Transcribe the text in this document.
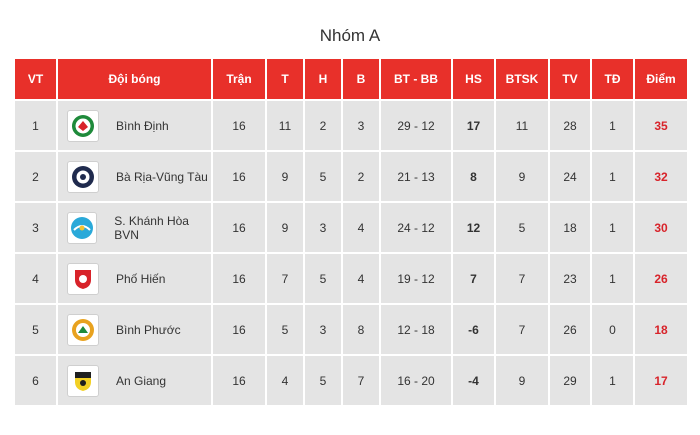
Nhóm A
VT	Đội bóng	Trận	T	H	B	BT - BB	HS	BTSK	TV	TĐ	Điểm
1	Bình Định	16	11	2	3	29 - 12	17	11	28	1	35
2	Bà Rịa-Vũng Tàu	16	9	5	2	21 - 13	8	9	24	1	32
3	S. Khánh Hòa BVN	16	9	3	4	24 - 12	12	5	18	1	30
4	Phố Hiến	16	7	5	4	19 - 12	7	7	23	1	26
5	Bình Phước	16	5	3	8	12 - 18	-6	7	26	0	18
6	An Giang	16	4	5	7	16 - 20	-4	9	29	1	17
